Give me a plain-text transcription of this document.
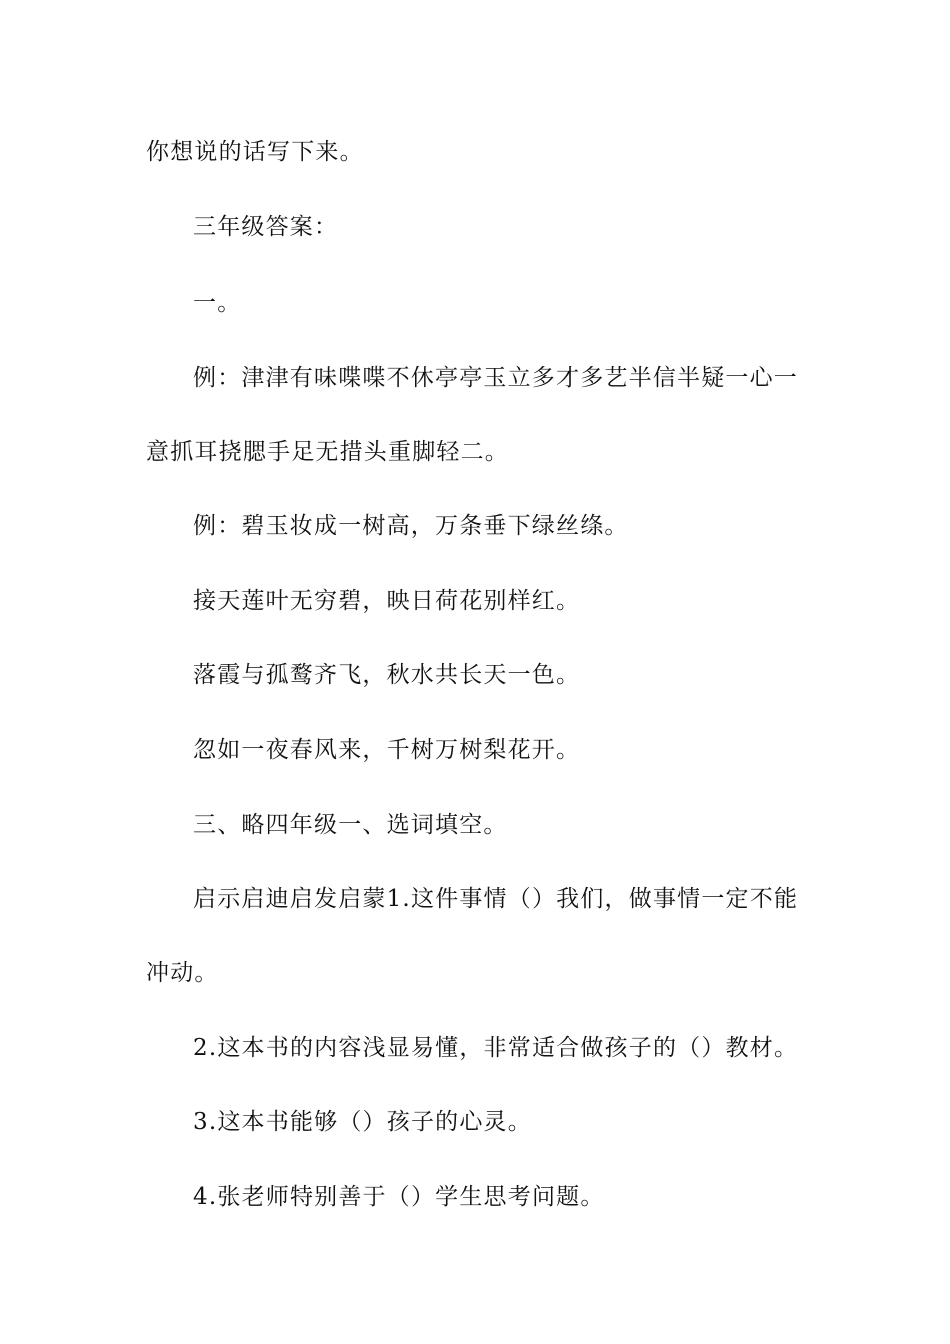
你想说的话写下来。
三年级答案：
一。
例：津津有味喋喋不休亭亭玉立多才多艺半信半疑一心一
意抓耳挠腮手足无措头重脚轻二。
例：碧玉妆成一树高，万条垂下绿丝绦。
接天莲叶无穷碧，映日荷花别样红。
落霞与孤鹜齐飞，秋水共长天一色。
忽如一夜春风来，千树万树梨花开。
三、略四年级一、选词填空。
启示启迪启发启蒙1.这件事情（）我们，做事情一定不能
冲动。
2.这本书的内容浅显易懂，非常适合做孩子的（）教材。
3.这本书能够（）孩子的心灵。
4.张老师特别善于（）学生思考问题。
